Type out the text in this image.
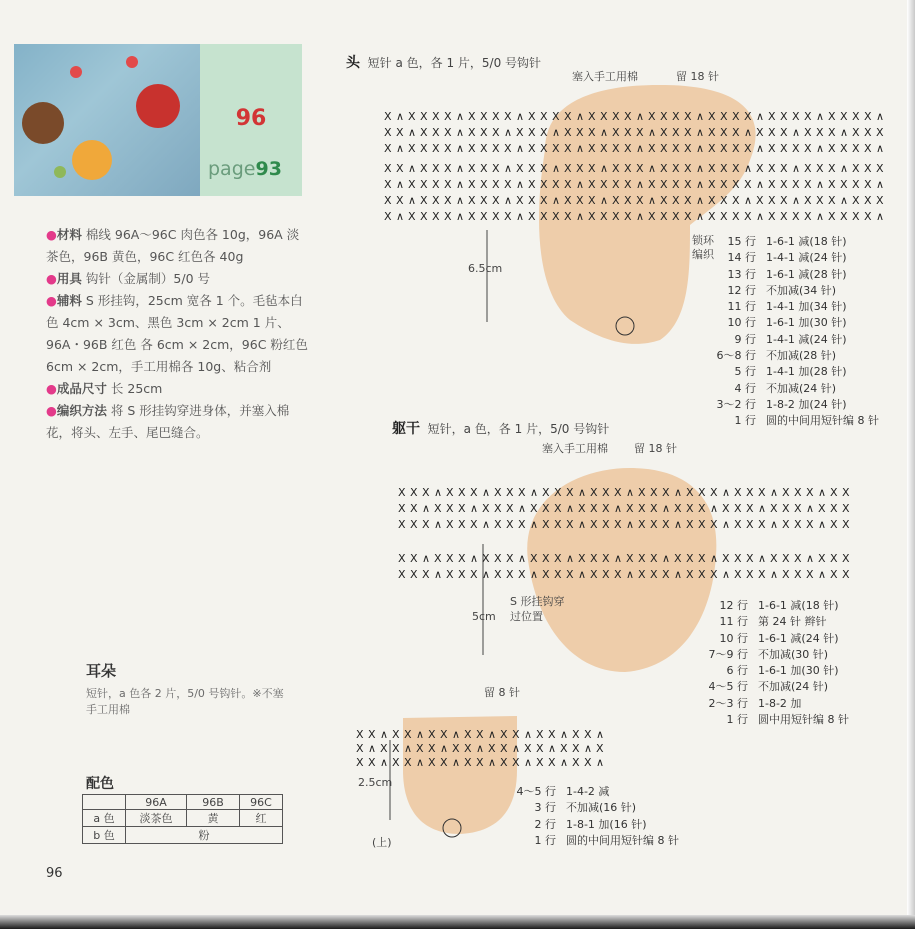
96
page93

●材料 棉线 96A～96C 肉色各 10g，96A 淡茶色，96B 黄色，96C 红色各 40g

●用具 钩针（金属制）5/0 号

●辅料 S 形挂钩，25cm 宽各 1 个。毛毡本白色 4cm × 3cm、黑色 3cm × 2cm 1 片、96A・96B 红色 各 6cm × 2cm，96C 粉红色 6cm × 2cm，手工用棉各 10g、粘合剂

●成品尺寸 长 25cm

●编织方法 将 S 形挂钩穿进身体，并塞入棉花，将头、左手、尾巴缝合。

耳朵
短针，a 色各 2 片，5/0 号钩针。※不塞手工用棉
配色
	96A	96B	96C
a 色	淡茶色	黄	红
b 色	粉		
96
X ∧ X X X X ∧ X X X X ∧ X X X X ∧ X X X X ∧ X X X X ∧ X X X X ∧ X X X X ∧ X X X X ∧
X X ∧ X X X ∧ X X X ∧ X X X ∧ X X X ∧ X X X ∧ X X X ∧ X X X ∧ X X X ∧ X X X ∧ X X X
X ∧ X X X X ∧ X X X X ∧ X X X X ∧ X X X X ∧ X X X X ∧ X X X X ∧ X X X X ∧ X X X X ∧
X X ∧ X X X ∧ X X X ∧ X X X ∧ X X X ∧ X X X ∧ X X X ∧ X X X ∧ X X X ∧ X X X ∧ X X X
X ∧ X X X X ∧ X X X X ∧ X X X X ∧ X X X X ∧ X X X X ∧ X X X X ∧ X X X X ∧ X X X X ∧
X X ∧ X X X ∧ X X X ∧ X X X ∧ X X X ∧ X X X ∧ X X X ∧ X X X ∧ X X X ∧ X X X ∧ X X X
X ∧ X X X X ∧ X X X X ∧ X X X X ∧ X X X X ∧ X X X X ∧ X X X X ∧ X X X X ∧ X X X X ∧
X X X ∧ X X X ∧ X X X ∧ X X X ∧ X X X ∧ X X X ∧ X X X ∧ X X X ∧ X X X ∧ X X
X X ∧ X X X ∧ X X X ∧ X X X ∧ X X X ∧ X X X ∧ X X X ∧ X X X ∧ X X X ∧ X X X
X X X ∧ X X X ∧ X X X ∧ X X X ∧ X X X ∧ X X X ∧ X X X ∧ X X X ∧ X X X ∧ X X
X X ∧ X X X ∧ X X X ∧ X X X ∧ X X X ∧ X X X ∧ X X X ∧ X X X ∧ X X X ∧ X X X
X X X ∧ X X X ∧ X X X ∧ X X X ∧ X X X ∧ X X X ∧ X X X ∧ X X X ∧ X X X ∧ X X
X X ∧ X X ∧ X X ∧ X X ∧ X X ∧ X X ∧ X X ∧
X ∧ X X ∧ X X ∧ X X ∧ X X ∧ X X ∧ X X ∧ X
X X ∧ X X ∧ X X ∧ X X ∧ X X ∧ X X ∧ X X ∧
头 短针 a 色，各 1 片，5/0 号钩针
塞入手工用棉	留 18 针
锁环编织
6.5cm
15 行 1-6-1 减(18 针)
14 行 1-4-1 减(24 针)
13 行 1-6-1 减(28 针)
12 行 不加减(34 针)
11 行 1-4-1 加(34 针)
10 行 1-6-1 加(30 针)
9 行 1-4-1 减(24 针)
6～8 行 不加减(28 针)
5 行 1-4-1 加(28 针)
4 行 不加减(24 针)
3～2 行 1-8-2 加(24 针)
1 行 圆的中间用短针编 8 针
躯干 短针，a 色，各 1 片，5/0 号钩针
塞入手工用棉 留 18 针
S 形挂钩穿过位置
5cm
12 行 1-6-1 减(18 针)
11 行 第 24 针 辫针
10 行 1-6-1 减(24 针)
7～9 行 不加减(30 针)
6 行 1-6-1 加(30 针)
4～5 行 不加减(24 针)
2～3 行 1-8-2 加
1 行 圆中用短针编 8 针
留 8 针
2.5cm
(上)
4～5 行 1-4-2 减
3 行 不加减(16 针)
2 行 1-8-1 加(16 针)
1 行 圆的中间用短针编 8 针
